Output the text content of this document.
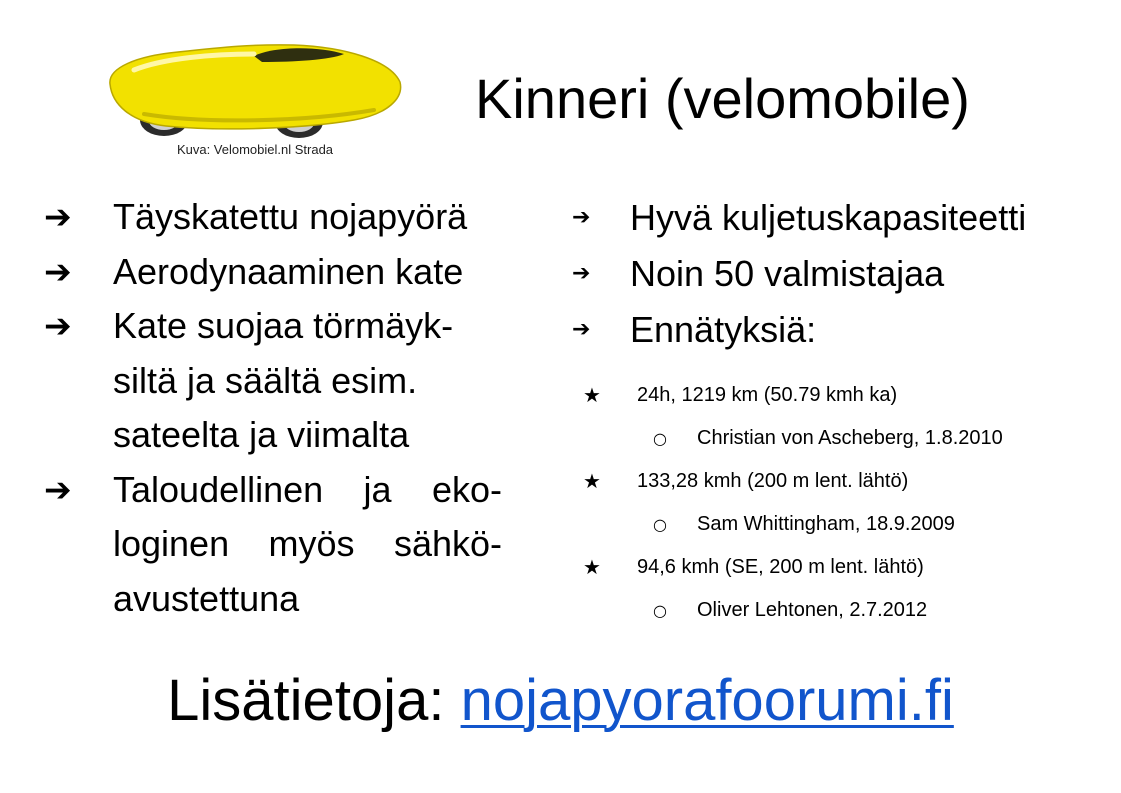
Kuva: Velomobiel.nl Strada
Kinneri (velomobile)
➔ Täyskatettu nojapyörä
➔ Aerodynaaminen kate
➔ Kate suojaa törmäyk-siltä ja säältä esim. sateelta ja viimalta
➔ Taloudellinen ja eko-loginen myös sähkö-avustettuna
➔ Hyvä kuljetuskapasiteetti
➔ Noin 50 valmistajaa
➔ Ennätyksiä:
★ 24h, 1219 km (50.79 kmh ka)
○ Christian von Ascheberg, 1.8.2010
★ 133,28 kmh (200 m lent. lähtö)
○ Sam Whittingham, 18.9.2009
★ 94,6 kmh (SE, 200 m lent. lähtö)
○ Oliver Lehtonen, 2.7.2012
Lisätietoja: nojapyorafoorumi.fi
